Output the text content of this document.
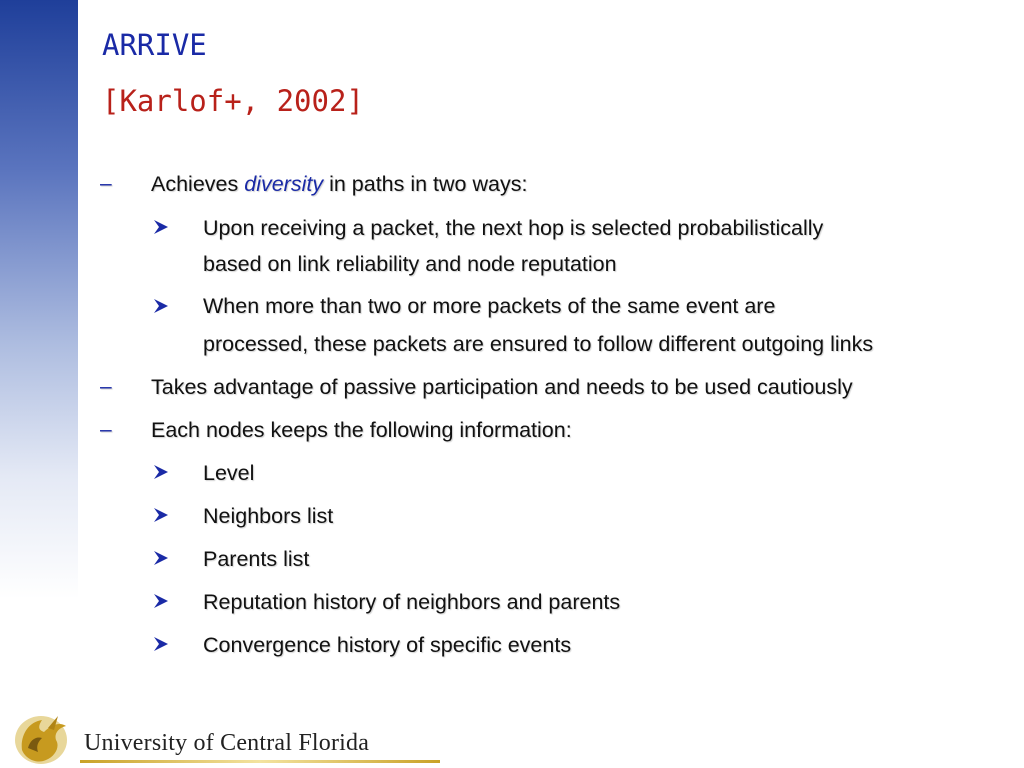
ARRIVE
[Karlof+, 2002]
– Achieves diversity in paths in two ways:
Upon receiving a packet, the next hop is selected probabilistically
based on link reliability and node reputation
When more than two or more packets of the same event are
processed, these packets are ensured to follow different outgoing links
– Takes advantage of passive participation and needs to be used cautiously
– Each nodes keeps the following information:
Level
Neighbors list
Parents list
Reputation history of neighbors and parents
Convergence history of specific events
University of Central Florida
